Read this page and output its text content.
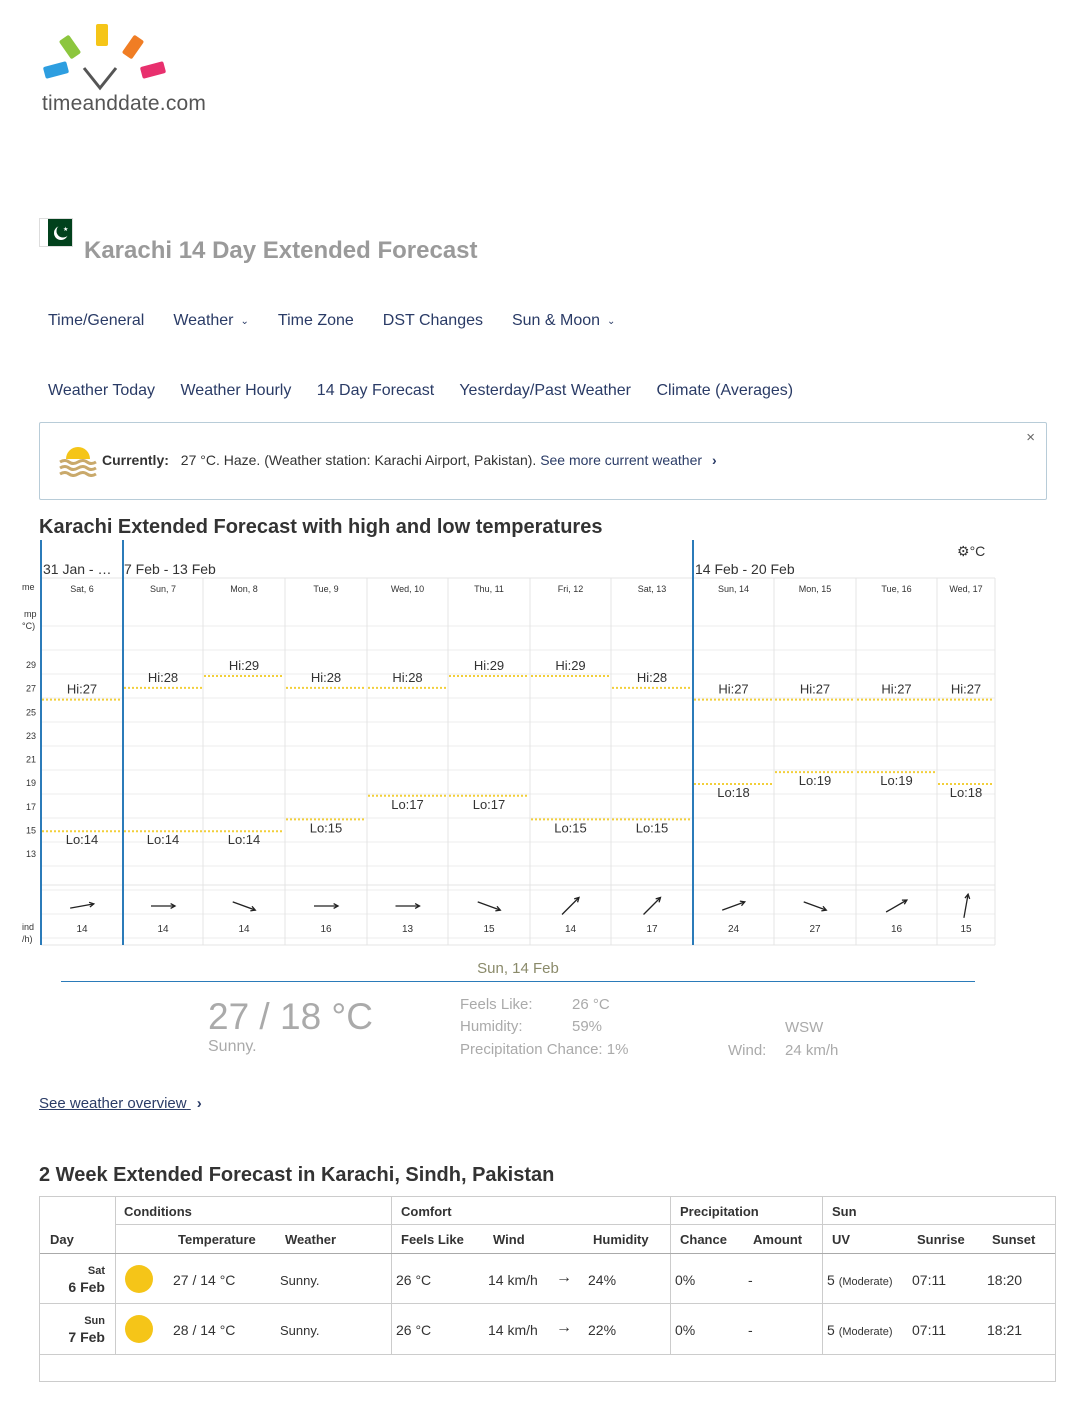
timeanddate.com
★
Karachi 14 Day Extended Forecast
Time/General Weather ⌄ Time Zone DST Changes Sun & Moon ⌄
Weather Today Weather Hourly 14 Day Forecast Yesterday/Past Weather Climate (Averages)
×
Currently: 27 °C. Haze. (Weather station: Karachi Airport, Pakistan). See more current weather ›
Karachi Extended Forecast with high and low temperatures
⚙°C
31 Jan - … 7 Feb - 13 Feb	14 Feb - 20 Feb
me
mp
°C)
ind
/h)
29
27
25
23
21
19
17
15
13
Sat, 6
Hi:27
Lo:14
14
Sun, 7
Hi:28
Lo:14
14
Mon, 8
Hi:29
Lo:14
14
Tue, 9
Hi:28
Lo:15
16
Wed, 10
Hi:28
Lo:17
13
Thu, 11
Hi:29
Lo:17
15
Fri, 12
Hi:29
Lo:15
14
Sat, 13
Hi:28
Lo:15
17
Sun, 14
Hi:27
Lo:18
24
Mon, 15
Hi:27
Lo:19
27
Tue, 16
Hi:27
Lo:19
16
Wed, 17
Hi:27
Lo:18
15
Sun, 14 Feb
27 / 18 °C
Sunny.
Feels Like:	26 °C
Humidity:	59%
Precipitation Chance: 1%
WSW
Wind: 24 km/h
See weather overview ›
2 Week Extended Forecast in Karachi, Sindh, Pakistan
Conditions	Comfort	Precipitation	Sun
Day	Temperature Weather	Feels Like Wind	Humidity Chance Amount UV	Sunrise Sunset
Sat
6 Feb	27 / 14 °C	Sunny.	26 °C	14 km/h → 24%	0%	-	5 (Moderate) 07:11	18:20
Sun
7 Feb	28 / 14 °C	Sunny.	26 °C	14 km/h → 22%	0%	-	5 (Moderate) 07:11	18:21
